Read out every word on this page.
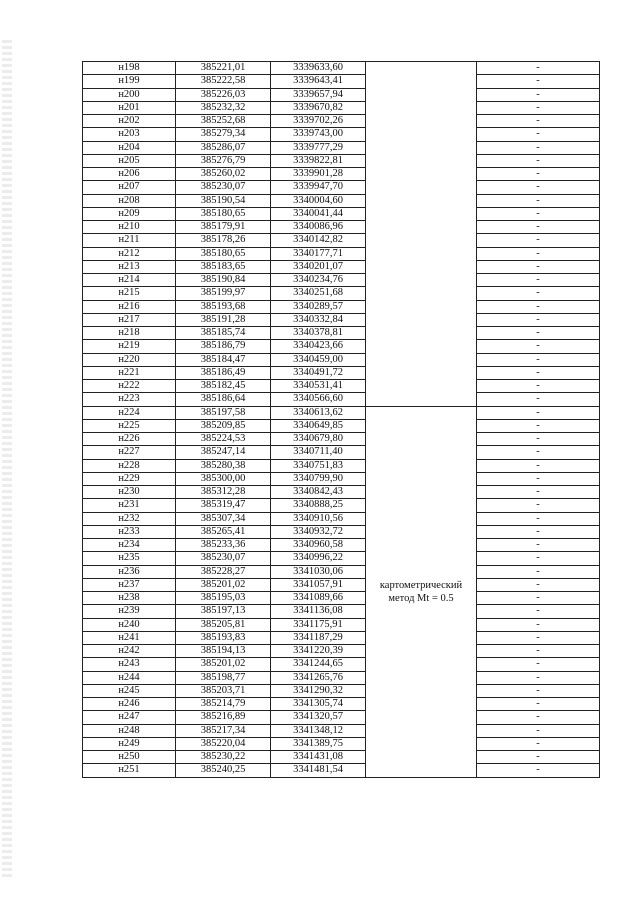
н198	385221,01	3339633,60		-
н199	385222,58	3339643,41		-
н200	385226,03	3339657,94		-
н201	385232,32	3339670,82		-
н202	385252,68	3339702,26		-
н203	385279,34	3339743,00		-
н204	385286,07	3339777,29		-
н205	385276,79	3339822,81		-
н206	385260,02	3339901,28		-
н207	385230,07	3339947,70		-
н208	385190,54	3340004,60		-
н209	385180,65	3340041,44		-
н210	385179,91	3340086,96		-
н211	385178,26	3340142,82		-
н212	385180,65	3340177,71		-
н213	385183,65	3340201,07		-
н214	385190,84	3340234,76		-
н215	385199,97	3340251,68		-
н216	385193,68	3340289,57		-
н217	385191,28	3340332,84		-
н218	385185,74	3340378,81		-
н219	385186,79	3340423,66		-
н220	385184,47	3340459,00		-
н221	385186,49	3340491,72		-
н222	385182,45	3340531,41		-
н223	385186,64	3340566,60		-
н224	385197,58	3340613,62	картометрический метод Mt = 0.5	-
н225	385209,85	3340649,85		-
н226	385224,53	3340679,80		-
н227	385247,14	3340711,40		-
н228	385280,38	3340751,83		-
н229	385300,00	3340799,90		-
н230	385312,28	3340842,43		-
н231	385319,47	3340888,25		-
н232	385307,34	3340910,56		-
н233	385265,41	3340932,72		-
н234	385233,36	3340960,58		-
н235	385230,07	3340996,22		-
н236	385228,27	3341030,06		-
н237	385201,02	3341057,91		-
н238	385195,03	3341089,66		-
н239	385197,13	3341136,08		-
н240	385205,81	3341175,91		-
н241	385193,83	3341187,29		-
н242	385194,13	3341220,39		-
н243	385201,02	3341244,65		-
н244	385198,77	3341265,76		-
н245	385203,71	3341290,32		-
н246	385214,79	3341305,74		-
н247	385216,89	3341320,57		-
н248	385217,34	3341348,12		-
н249	385220,04	3341389,75		-
н250	385230,22	3341431,08		-
н251	385240,25	3341481,54		-
